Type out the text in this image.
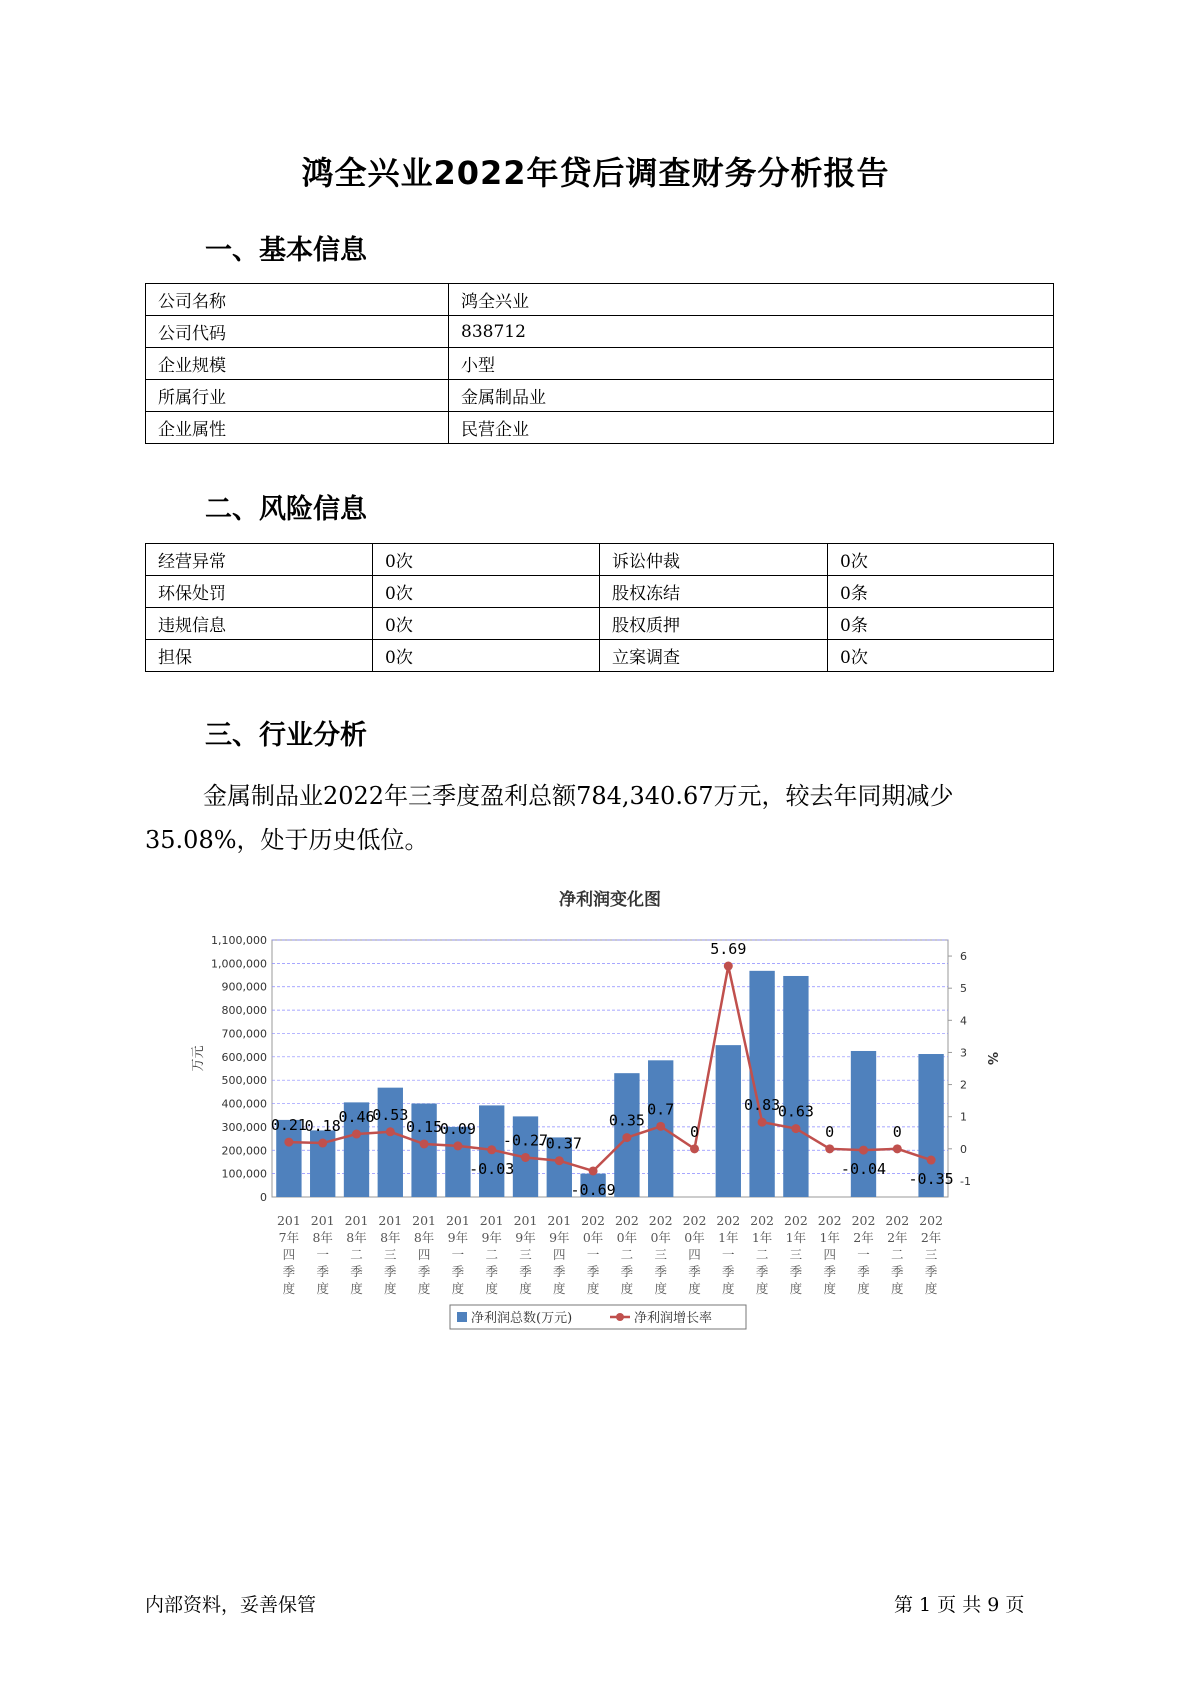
鸿全兴业2022年贷后调查财务分析报告
一、基本信息
公司名称	鸿全兴业
公司代码	838712
企业规模	小型
所属行业	金属制品业
企业属性	民营企业
二、风险信息
经营异常	0次	诉讼仲裁	0次
环保处罚	0次	股权冻结	0条
违规信息	0次	股权质押	0条
担保	0次	立案调查	0次
三、行业分析
金属制品业2022年三季度盈利总额784,340.67万元，较去年同期减少35.08%，处于历史低位。
净利润变化图
0
100,000
200,000
300,000
400,000
500,000
600,000
700,000
800,000
900,000
1,000,000
1,100,000
-1
0
1
2
3
4
5
6
万元	%
0.21
0.18
0.46
0.53
0.15
0.09
-0.03
-0.27
-0.37
-0.69
0.35
0.7
0
5.69
0.83
0.63
0
-0.04
0
-0.35
201 7年四季度
201 8年一季度
201 8年二季度
201 8年三季度
201 8年四季度
201 9年一季度
201 9年二季度
201 9年三季度
201 9年四季度
202 0年一季度
202 0年二季度
202 0年三季度
202 0年四季度
202 1年一季度
202 1年二季度
202 1年三季度
202 1年四季度
202 2年一季度
202 2年二季度
202 2年三季度
净利润总数(万元)	净利润增长率
内部资料，妥善保管	第 1 页 共 9 页
